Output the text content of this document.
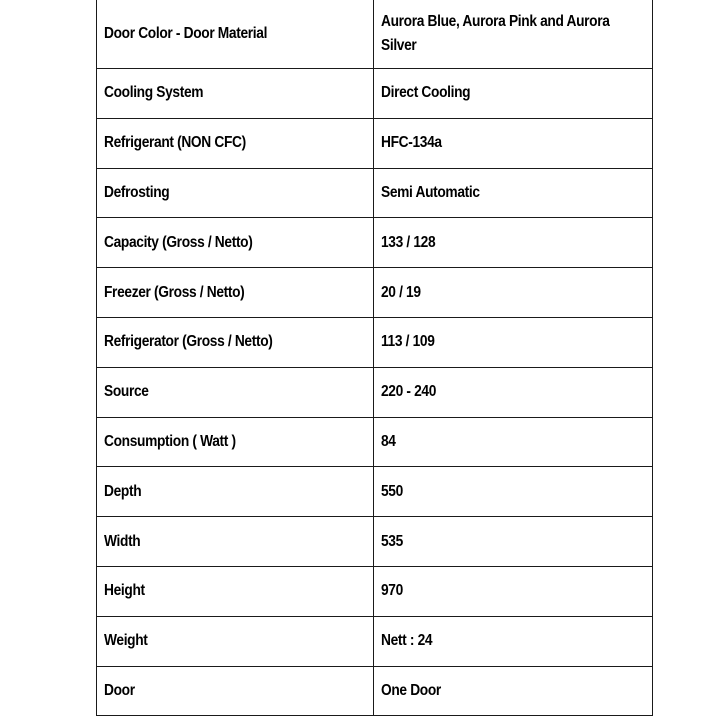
Door Color - Door Material	Aurora Blue, Aurora Pink and Aurora Silver
Cooling System	Direct Cooling
Refrigerant (NON CFC)	HFC-134a
Defrosting	Semi Automatic
Capacity (Gross / Netto)	133 / 128
Freezer (Gross / Netto)	20 / 19
Refrigerator (Gross / Netto)	113 / 109
Source	220 - 240
Consumption ( Watt )	84
Depth	550
Width	535
Height	970
Weight	Nett : 24
Door	One Door
